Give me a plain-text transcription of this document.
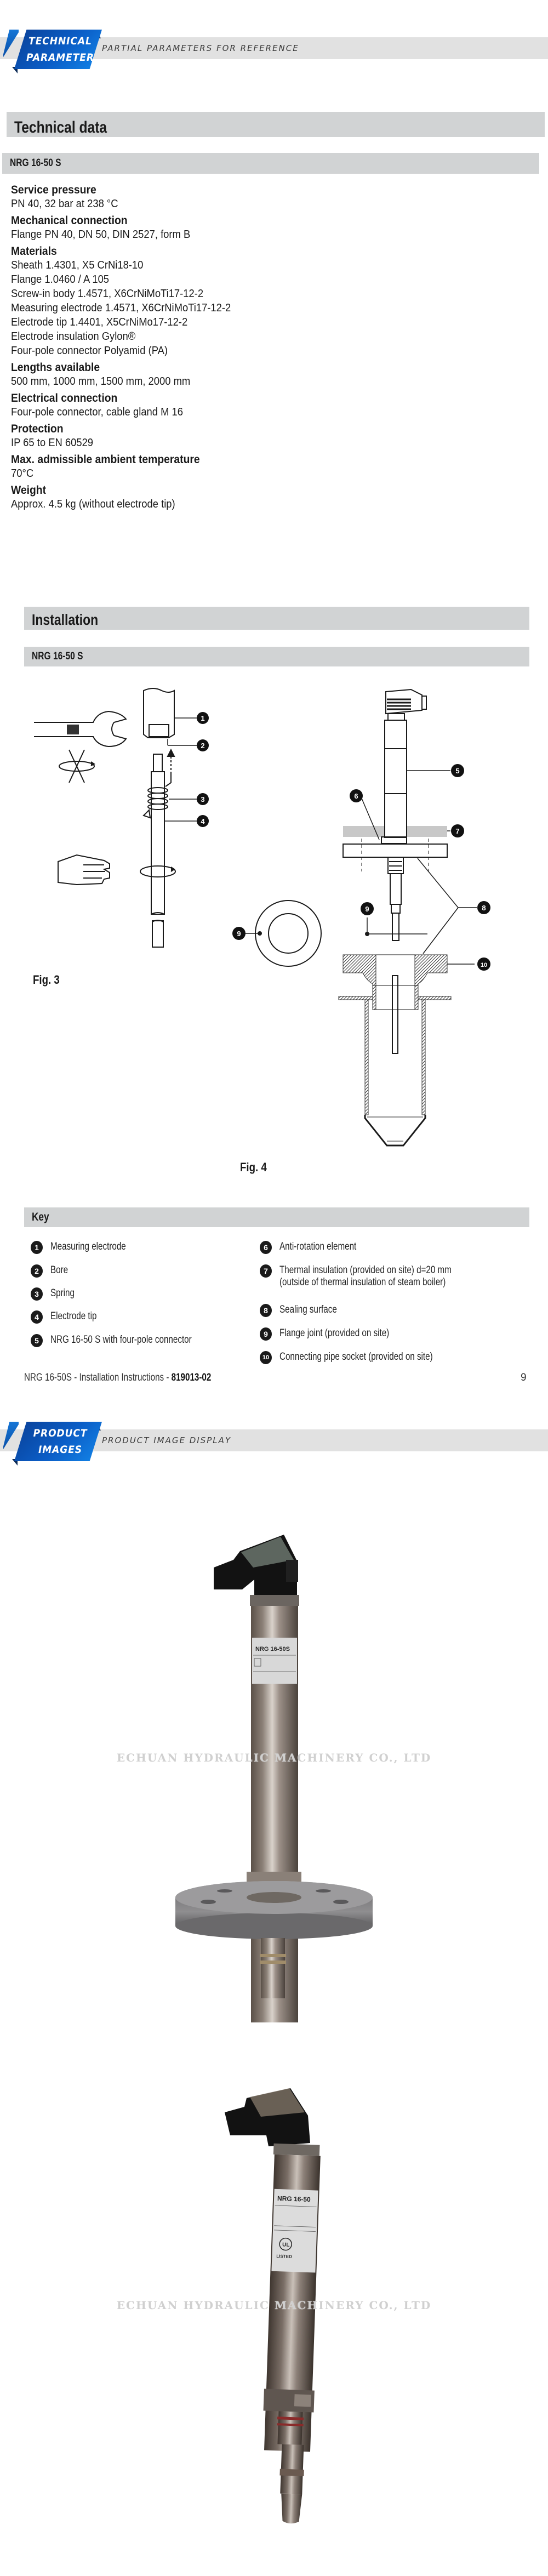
TECHNICAL
PARAMETER
PARTIAL PARAMETERS FOR REFERENCE
Technical data
NRG 16-50 S
Service pressure
PN 40, 32 bar at 238 °C
Mechanical connection
Flange PN 40, DN 50, DIN 2527, form B
Materials
Sheath 1.4301, X5 CrNi18-10
Flange 1.0460 / A 105
Screw-in body 1.4571, X6CrNiMoTi17-12-2
Measuring electrode 1.4571, X6CrNiMoTi17-12-2
Electrode tip 1.4401, X5CrNiMo17-12-2
Electrode insulation Gylon®
Four-pole connector Polyamid (PA)
Lengths available
500 mm, 1000 mm, 1500 mm, 2000 mm
Electrical connection
Four-pole connector, cable gland M 16
Protection
IP 65 to EN 60529
Max. admissible ambient temperature
70°C
Weight
Approx. 4.5 kg (without electrode tip)
Installation
NRG 16-50 S
1
2
3
4
Fig. 3
5
6
7
8
9
9
10
Fig. 4
Key
1	Measuring electrode
2	Bore
3	Spring
4	Electrode tip
5	NRG 16-50 S with four-pole connector
6	Anti-rotation element
7	Thermal insulation (provided on site) d=20 mm
(outside of thermal insulation of steam boiler)
8	Sealing surface
9	Flange joint (provided on site)
10 Connecting pipe socket (provided on site)
NRG 16-50S - Installation Instructions - 819013-02	9
PRODUCT
IMAGES
PRODUCT IMAGE DISPLAY
NRG 16-50S
ECHUAN HYDRAULIC MACHINERY CO., LTD
NRG 16-50
UL
LISTED
ECHUAN HYDRAULIC MACHINERY CO., LTD
